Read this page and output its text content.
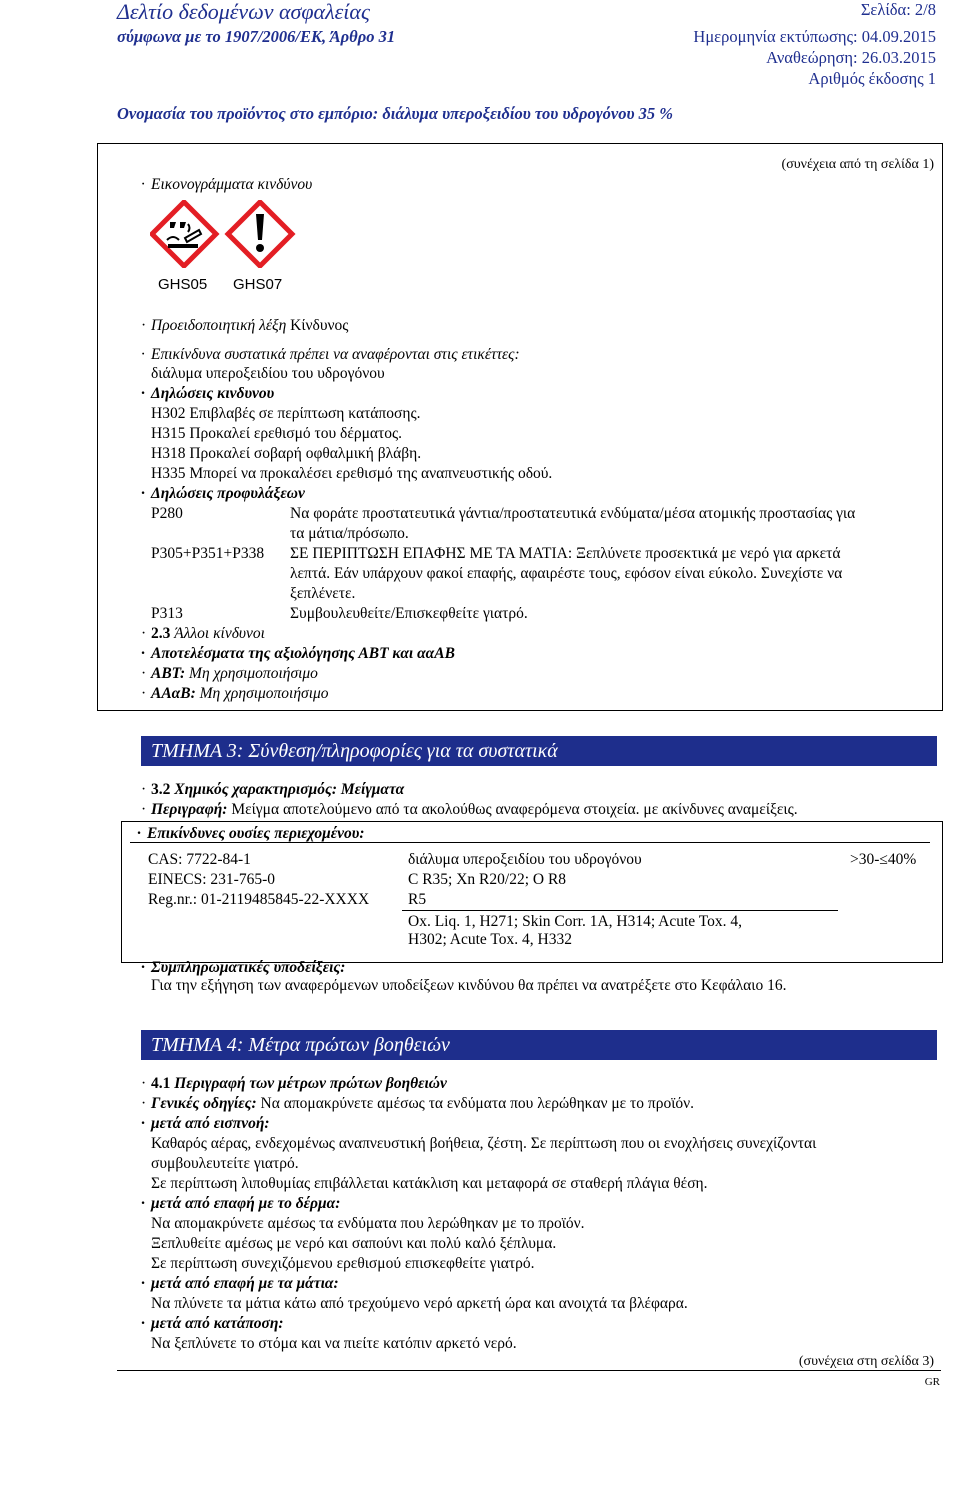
Δελτίο δεδομένων ασφαλείας
σύμφωνα με το 1907/2006/ΕΚ, Άρθρο 31
Σελίδα: 2/8
Ημερομηνία εκτύπωσης: 04.09.2015
Αναθεώρηση: 26.03.2015
Αριθμός έκδοσης 1
Ονομασία του προϊόντος στο εμπόριο: διάλυμα υπεροξειδίου του υδρογόνου 35 %
(συνέχεια από τη σελίδα 1)
· Εικονογράμματα κινδύνου
GHS05 GHS07
· Προειδοποιητική λέξη Κίνδυνος
· Επικίνδυνα συστατικά πρέπει να αναφέρονται στις ετικέττες:
διάλυμα υπεροξειδίου του υδρογόνου
· Δηλώσεις κινδυνου
H302 Επιβλαβές σε περίπτωση κατάποσης.
H315 Προκαλεί ερεθισμό του δέρματος.
H318 Προκαλεί σοβαρή οφθαλμική βλάβη.
H335 Μπορεί να προκαλέσει ερεθισμό της αναπνευστικής οδού.
· Δηλώσεις προφυλάξεων
P280	Να φοράτε προστατευτικά γάντια/προστατευτικά ενδύματα/μέσα ατομικής προστασίας για
τα μάτια/πρόσωπο.
P305+P351+P338 ΣΕ ΠΕΡΙΠΤΩΣΗ ΕΠΑΦΗΣ ΜΕ ΤΑ ΜΑΤΙΑ: Ξεπλύνετε προσεκτικά με νερό για αρκετά
λεπτά. Εάν υπάρχουν φακοί επαφής, αφαιρέστε τους, εφόσον είναι εύκολο. Συνεχίστε να
ξεπλένετε.
P313	Συμβουλευθείτε/Επισκεφθείτε γιατρό.
· 2.3 Άλλοι κίνδυνοι
· Αποτελέσματα της αξιολόγησης ΑΒΤ και ααΑΒ
· ΑΒΤ: Μη χρησιμοποιήσιμο
· ΑΑαΒ: Μη χρησιμοποιήσιμο
ΤΜΗΜΑ 3: Σύνθεση/πληροφορίες για τα συστατικά
· 3.2 Χημικός χαρακτηρισμός: Μείγματα
· Περιγραφή: Μείγμα αποτελούμενο από τα ακολούθως αναφερόμενα στοιχεία. με ακίνδυνες αναμείξεις.
· Επικίνδυνες ουσίες περιεχομένου:
CAS: 7722-84-1
EINECS: 231-765-0
Reg.nr.: 01-2119485845-22-XXXX
διάλυμα υπεροξειδίου του υδρογόνου
C R35; Xn R20/22; O R8
R5
Ox. Liq. 1, H271; Skin Corr. 1A, H314; Acute Tox. 4,
H302; Acute Tox. 4, H332
>30-≤40%
· Συμπληρωματικές υποδείξεις:
Για την εξήγηση των αναφερόμενων υποδείξεων κινδύνου θα πρέπει να ανατρέξετε στο Κεφάλαιο 16.
ΤΜΗΜΑ 4: Μέτρα πρώτων βοηθειών
· 4.1 Περιγραφή των μέτρων πρώτων βοηθειών
· Γενικές οδηγίες: Να απομακρύνετε αμέσως τα ενδύματα που λερώθηκαν με το προϊόν.
· μετά από εισπνοή:
Καθαρός αέρας, ενδεχομένως αναπνευστική βοήθεια, ζέστη. Σε περίπτωση που οι ενοχλήσεις συνεχίζονται
συμβουλευτείτε γιατρό.
Σε περίπτωση λιποθυμίας επιβάλλεται κατάκλιση και μεταφορά σε σταθερή πλάγια θέση.
· μετά από επαφή με το δέρμα:
Να απομακρύνετε αμέσως τα ενδύματα που λερώθηκαν με το προϊόν.
Ξεπλυθείτε αμέσως με νερό και σαπούνι και πολύ καλό ξέπλυμα.
Σε περίπτωση συνεχιζόμενου ερεθισμού επισκεφθείτε γιατρό.
· μετά από επαφή με τα μάτια:
Να πλύνετε τα μάτια κάτω από τρεχούμενο νερό αρκετή ώρα και ανοιχτά τα βλέφαρα.
· μετά από κατάποση:
Να ξεπλύνετε το στόμα και να πιείτε κατόπιν αρκετό νερό.
(συνέχεια στη σελίδα 3)
GR
